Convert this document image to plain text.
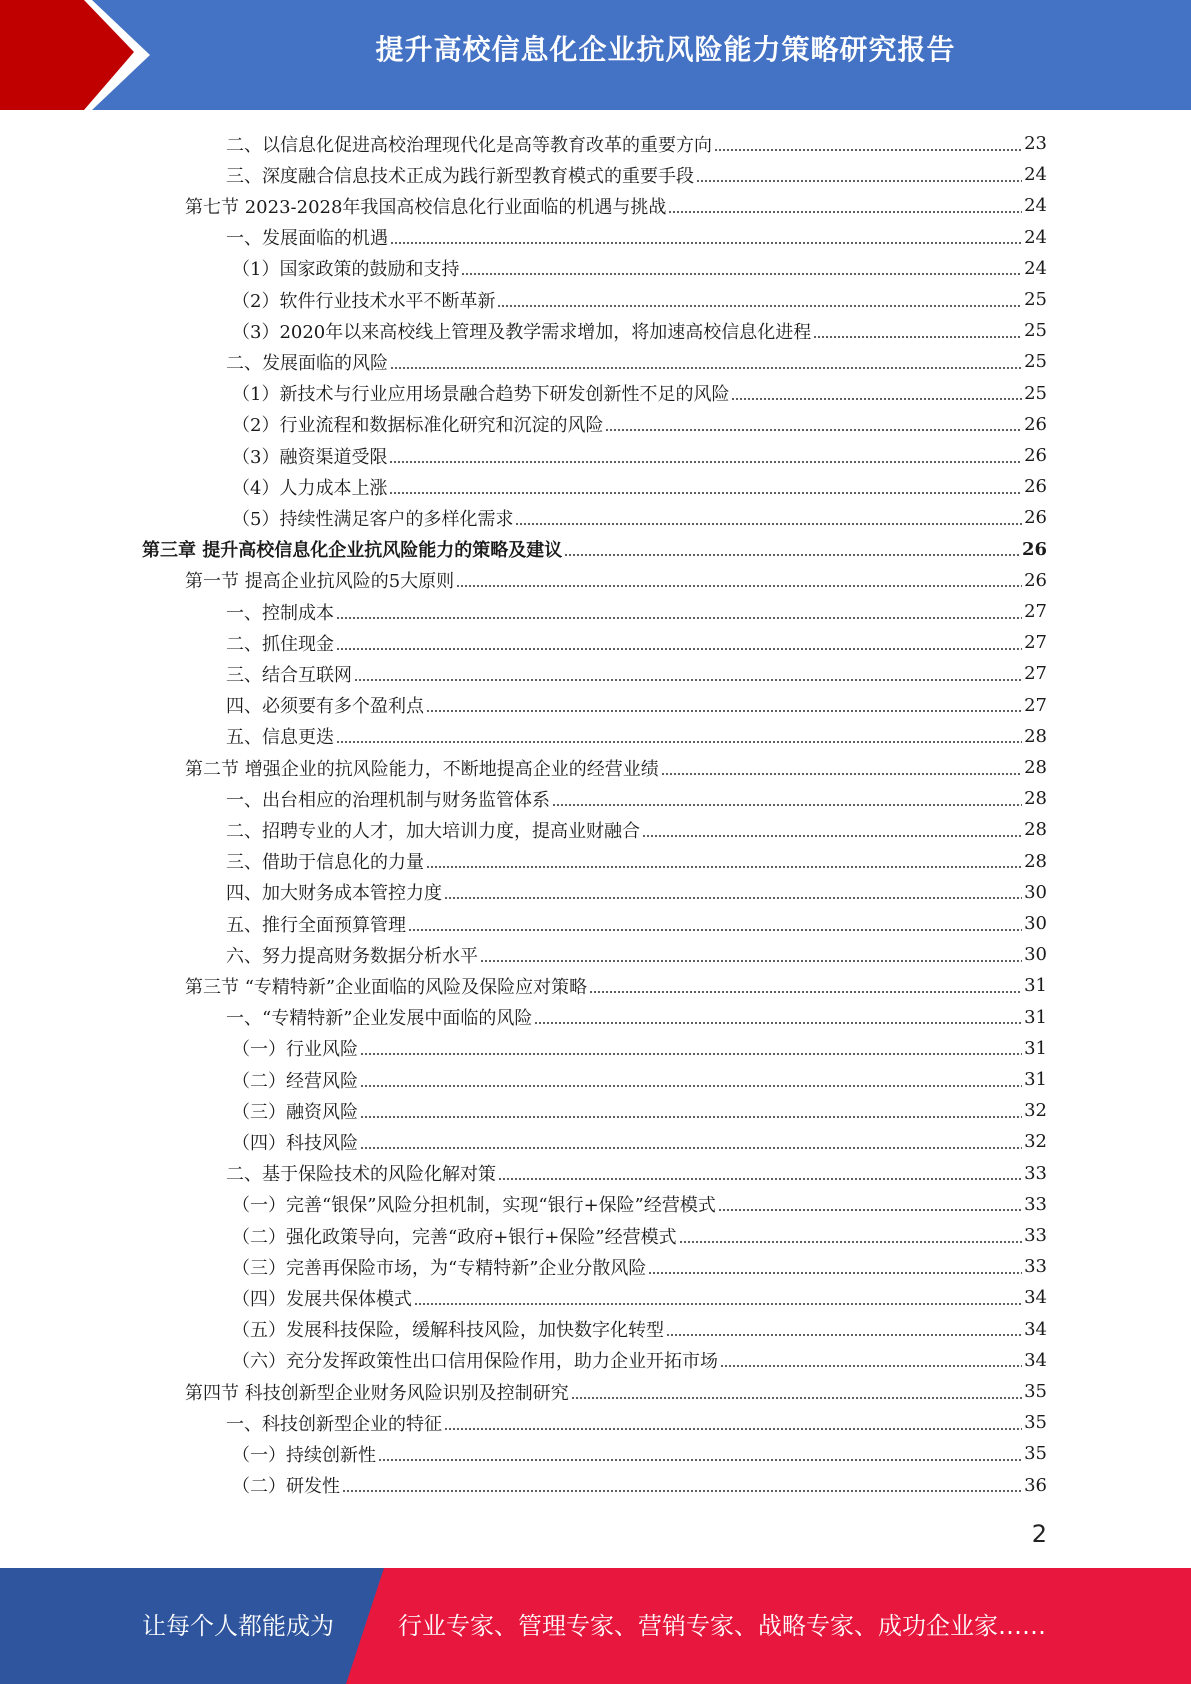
提升高校信息化企业抗风险能力策略研究报告
二、以信息化促进高校治理现代化是高等教育改革的重要方向	23
三、深度融合信息技术正成为践行新型教育模式的重要手段	24
第七节 2023-2028年我国高校信息化行业面临的机遇与挑战	24
一、发展面临的机遇	24
（1）国家政策的鼓励和支持	24
（2）软件行业技术水平不断革新	25
（3）2020年以来高校线上管理及教学需求增加，将加速高校信息化进程	25
二、发展面临的风险	25
（1）新技术与行业应用场景融合趋势下研发创新性不足的风险	25
（2）行业流程和数据标准化研究和沉淀的风险	26
（3）融资渠道受限	26
（4）人力成本上涨	26
（5）持续性满足客户的多样化需求	26
第三章 提升高校信息化企业抗风险能力的策略及建议	26
第一节 提高企业抗风险的5大原则	26
一、控制成本	27
二、抓住现金	27
三、结合互联网	27
四、必须要有多个盈利点	27
五、信息更迭	28
第二节 增强企业的抗风险能力，不断地提高企业的经营业绩	28
一、出台相应的治理机制与财务监管体系	28
二、招聘专业的人才，加大培训力度，提高业财融合	28
三、借助于信息化的力量	28
四、加大财务成本管控力度	30
五、推行全面预算管理	30
六、努力提高财务数据分析水平	30
第三节 “专精特新”企业面临的风险及保险应对策略	31
一、“专精特新”企业发展中面临的风险	31
（一）行业风险	31
（二）经营风险	31
（三）融资风险	32
（四）科技风险	32
二、基于保险技术的风险化解对策	33
（一）完善“银保”风险分担机制，实现“银行+保险”经营模式	33
（二）强化政策导向，完善“政府+银行+保险”经营模式	33
（三）完善再保险市场，为“专精特新”企业分散风险	33
（四）发展共保体模式	34
（五）发展科技保险，缓解科技风险，加快数字化转型	34
（六）充分发挥政策性出口信用保险作用，助力企业开拓市场	34
第四节 科技创新型企业财务风险识别及控制研究	35
一、科技创新型企业的特征	35
（一）持续创新性	35
（二）研发性	36
2
让每个人都能成为	行业专家、管理专家、营销专家、战略专家、成功企业家……
